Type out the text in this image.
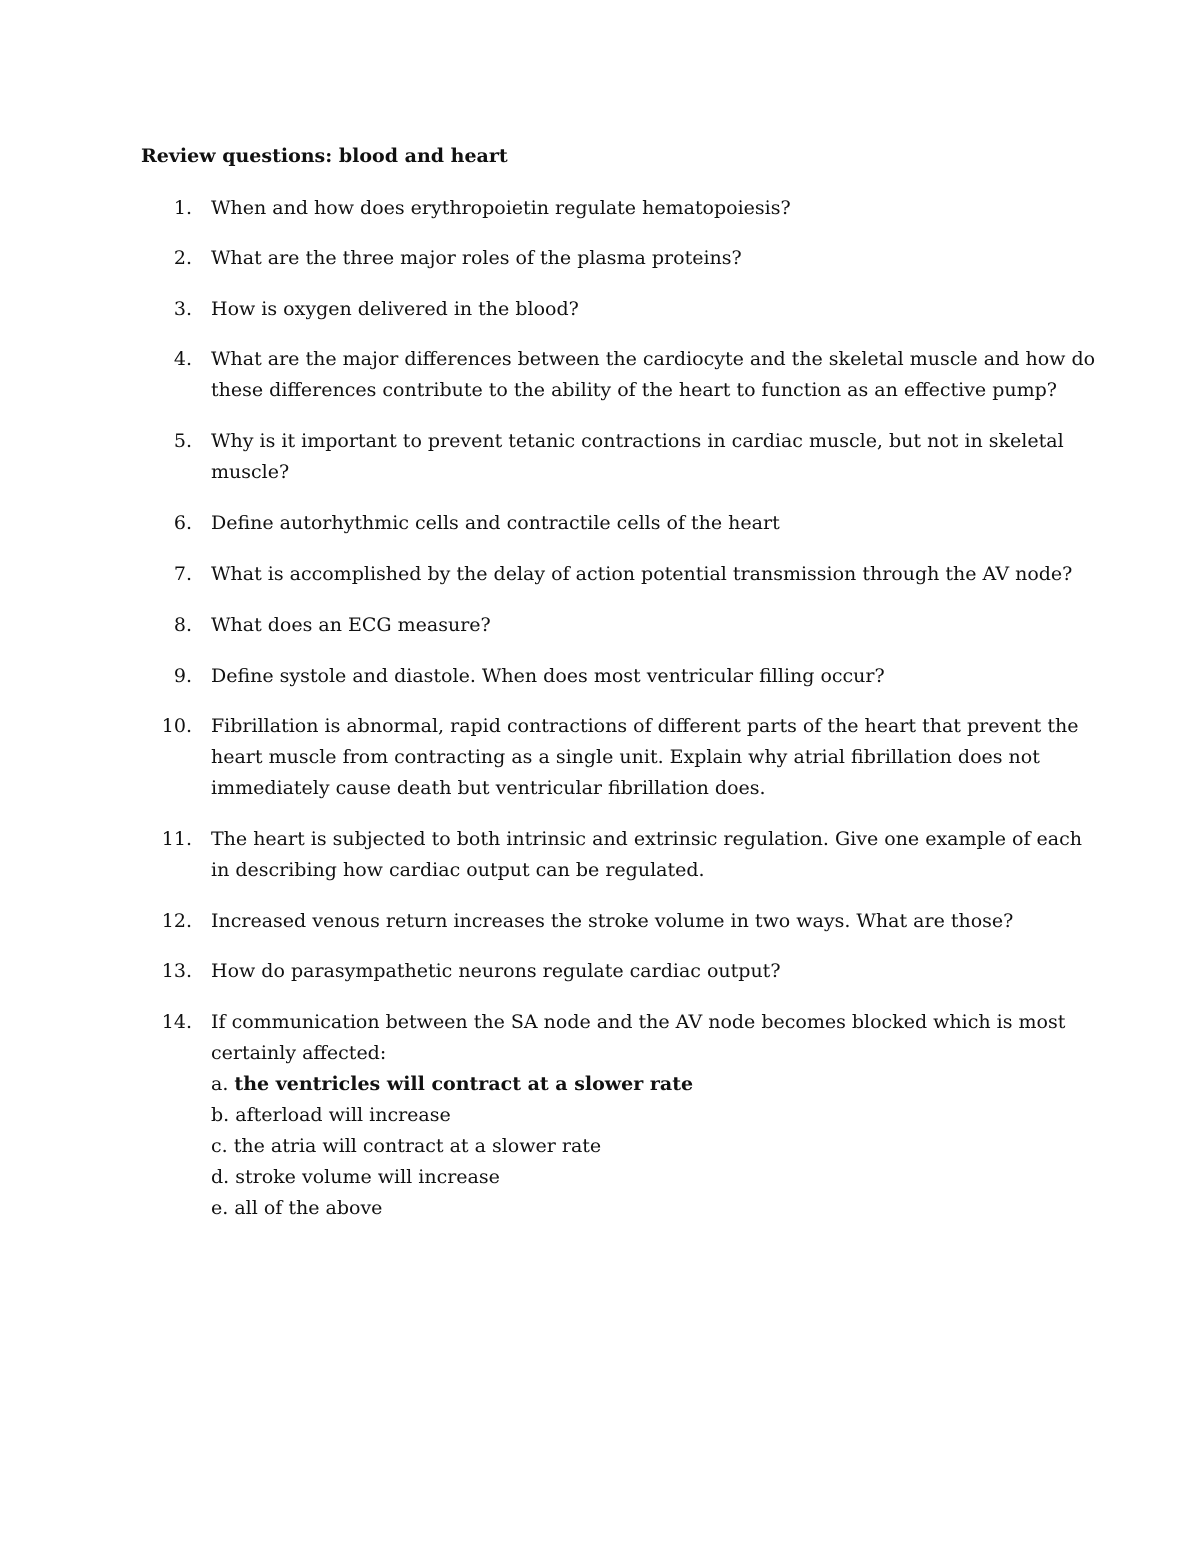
Review questions: blood and heart
1. When and how does erythropoietin regulate hematopoiesis?
2. What are the three major roles of the plasma proteins?
3. How is oxygen delivered in the blood?
4. What are the major differences between the cardiocyte and the skeletal muscle and how do
these differences contribute to the ability of the heart to function as an effective pump?
5. Why is it important to prevent tetanic contractions in cardiac muscle, but not in skeletal
muscle?
6. Define autorhythmic cells and contractile cells of the heart
7. What is accomplished by the delay of action potential transmission through the AV node?
8. What does an ECG measure?
9. Define systole and diastole. When does most ventricular filling occur?
10. Fibrillation is abnormal, rapid contractions of different parts of the heart that prevent the
heart muscle from contracting as a single unit. Explain why atrial fibrillation does not
immediately cause death but ventricular fibrillation does.
11. The heart is subjected to both intrinsic and extrinsic regulation. Give one example of each
in describing how cardiac output can be regulated.
12. Increased venous return increases the stroke volume in two ways. What are those?
13. How do parasympathetic neurons regulate cardiac output?
14. If communication between the SA node and the AV node becomes blocked which is most
certainly affected:
a. the ventricles will contract at a slower rate
b. afterload will increase
c. the atria will contract at a slower rate
d. stroke volume will increase
e. all of the above
